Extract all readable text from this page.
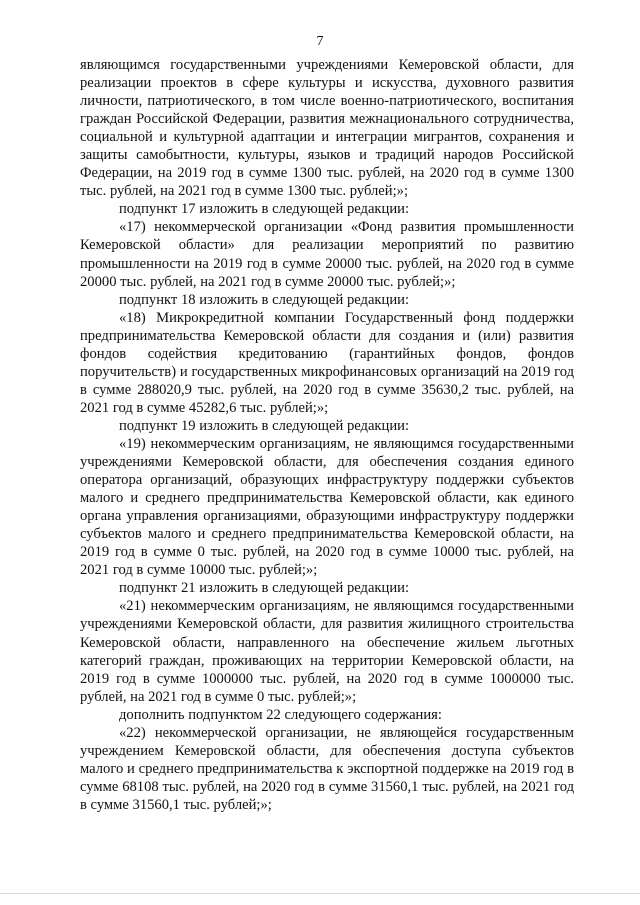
7

являющимся государственными учреждениями Кемеровской области, для реализации проектов в сфере культуры и искусства, духовного развития личности, патриотического, в том числе военно-патриотического, воспитания граждан Российской Федерации, развития межнационального сотрудничества, социальной и культурной адаптации и интеграции мигрантов, сохранения и защиты самобытности, культуры, языков и традиций народов Российской Федерации, на 2019 год в сумме 1300 тыс. рублей, на 2020 год в сумме 1300 тыс. рублей, на 2021 год в сумме 1300 тыс. рублей;»;

подпункт 17 изложить в следующей редакции:

«17) некоммерческой организации «Фонд развития промышленности Кемеровской области» для реализации мероприятий по развитию промышленности на 2019 год в сумме 20000 тыс. рублей, на 2020 год в сумме 20000 тыс. рублей, на 2021 год в сумме 20000 тыс. рублей;»;

подпункт 18 изложить в следующей редакции:

«18) Микрокредитной компании Государственный фонд поддержки предпринимательства Кемеровской области для создания и (или) развития фондов содействия кредитованию (гарантийных фондов, фондов поручительств) и государственных микрофинансовых организаций на 2019 год в сумме 288020,9 тыс. рублей, на 2020 год в сумме 35630,2 тыс. рублей, на 2021 год в сумме 45282,6 тыс. рублей;»;

подпункт 19 изложить в следующей редакции:

«19) некоммерческим организациям, не являющимся государственными учреждениями Кемеровской области, для обеспечения создания единого оператора организаций, образующих инфраструктуру поддержки субъектов малого и среднего предпринимательства Кемеровской области, как единого органа управления организациями, образующими инфраструктуру поддержки субъектов малого и среднего предпринимательства Кемеровской области, на 2019 год в сумме 0 тыс. рублей, на 2020 год в сумме 10000 тыс. рублей, на 2021 год в сумме 10000 тыс. рублей;»;

подпункт 21 изложить в следующей редакции:

«21) некоммерческим организациям, не являющимся государственными учреждениями Кемеровской области, для развития жилищного строительства Кемеровской области, направленного на обеспечение жильем льготных категорий граждан, проживающих на территории Кемеровской области, на 2019 год в сумме 1000000 тыс. рублей, на 2020 год в сумме 1000000 тыс. рублей, на 2021 год в сумме 0 тыс. рублей;»;

дополнить подпунктом 22 следующего содержания:

«22) некоммерческой организации, не являющейся государственным учреждением Кемеровской области, для обеспечения доступа субъектов малого и среднего предпринимательства к экспортной поддержке на 2019 год в сумме 68108 тыс. рублей, на 2020 год в сумме 31560,1 тыс. рублей, на 2021 год в сумме 31560,1 тыс. рублей;»;
